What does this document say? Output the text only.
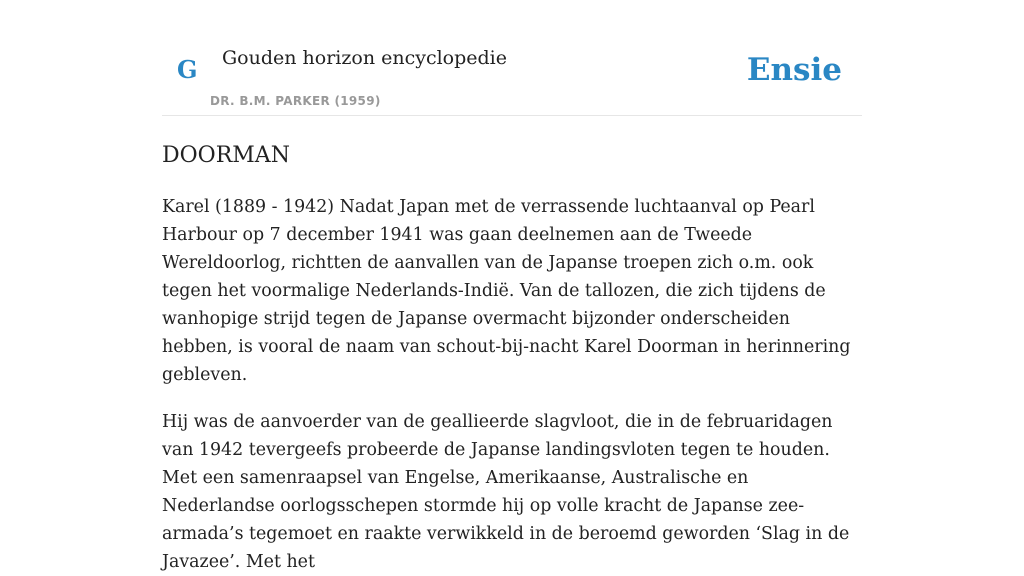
G Gouden horizon encyclopedie
DR. B.M. PARKER (1959)
Ensie
DOORMAN

Karel (1889 - 1942) Nadat Japan met de verrassende luchtaanval op Pearl Harbour op 7 december 1941 was gaan deelnemen aan de Tweede Wereldoorlog, richtten de aanvallen van de Japanse troepen zich o.m. ook tegen het voormalige Nederlands-Indië. Van de tallozen, die zich tijdens de wanhopige strijd tegen de Japanse overmacht bijzonder onderscheiden hebben, is vooral de naam van schout-bij-nacht Karel Doorman in herinnering gebleven.

Hij was de aanvoerder van de geallieerde slagvloot, die in de februaridagen van 1942 tevergeefs probeerde de Japanse landingsvloten tegen te houden. Met een samenraapsel van Engelse, Amerikaanse, Australische en Nederlandse oorlogsschepen stormde hij op volle kracht de Japanse zee-armada’s tegemoet en raakte verwikkeld in de beroemd geworden ‘Slag in de Javazee’. Met het
